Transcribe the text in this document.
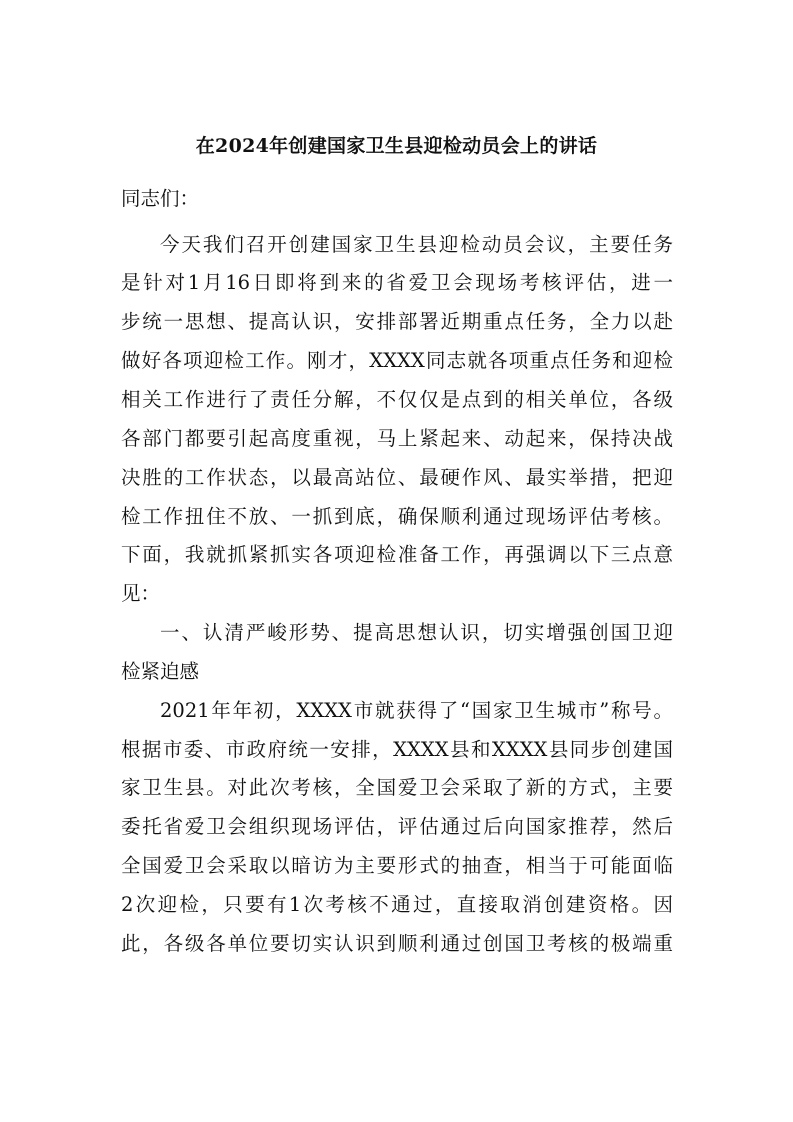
在2024年创建国家卫生县迎检动员会上的讲话
同志们：
今天我们召开创建国家卫生县迎检动员会议，主要任务
是针对1月16日即将到来的省爱卫会现场考核评估，进一
步统一思想、提高认识，安排部署近期重点任务，全力以赴
做好各项迎检工作。刚才，XXXX同志就各项重点任务和迎检
相关工作进行了责任分解，不仅仅是点到的相关单位，各级
各部门都要引起高度重视，马上紧起来、动起来，保持决战
决胜的工作状态，以最高站位、最硬作风、最实举措，把迎
检工作扭住不放、一抓到底，确保顺利通过现场评估考核。
下面，我就抓紧抓实各项迎检准备工作，再强调以下三点意
见：
一、认清严峻形势、提高思想认识，切实增强创国卫迎
检紧迫感
2021年年初，XXXX市就获得了“国家卫生城市”称号。
根据市委、市政府统一安排，XXXX县和XXXX县同步创建国
家卫生县。对此次考核，全国爱卫会采取了新的方式，主要
委托省爱卫会组织现场评估，评估通过后向国家推荐，然后
全国爱卫会采取以暗访为主要形式的抽查，相当于可能面临
2次迎检，只要有1次考核不通过，直接取消创建资格。因
此，各级各单位要切实认识到顺利通过创国卫考核的极端重
